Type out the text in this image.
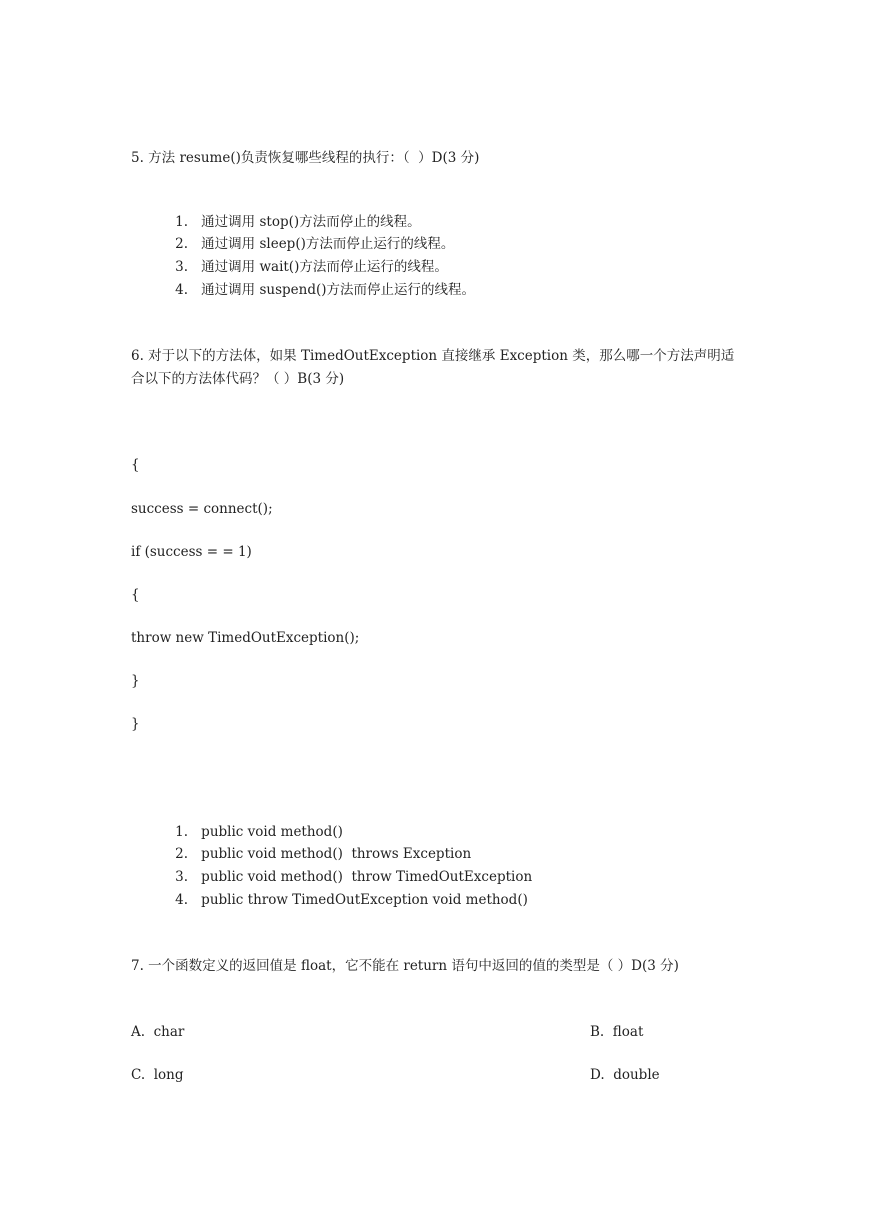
5. 方法 resume()负责恢复哪些线程的执行：（  ）D(3 分)

1. 通过调用 stop()方法而停止的线程。

2. 通过调用 sleep()方法而停止运行的线程。

3. 通过调用 wait()方法而停止运行的线程。

4. 通过调用 suspend()方法而停止运行的线程。

6. 对于以下的方法体，如果 TimedOutException 直接继承 Exception 类，那么哪一个方法声明适合以下的方法体代码？（ ）B(3 分)
{
success = connect();
if (success = = 1)
{
throw new TimedOutException();
}
}

1. public void method()

2. public void method()  throws Exception

3. public void method()  throw TimedOutException

4. public throw TimedOutException void method()

7. 一个函数定义的返回值是 float，它不能在 return 语句中返回的值的类型是（ ）D(3 分)
A.  char	B.  float
C.  long	D.  double
